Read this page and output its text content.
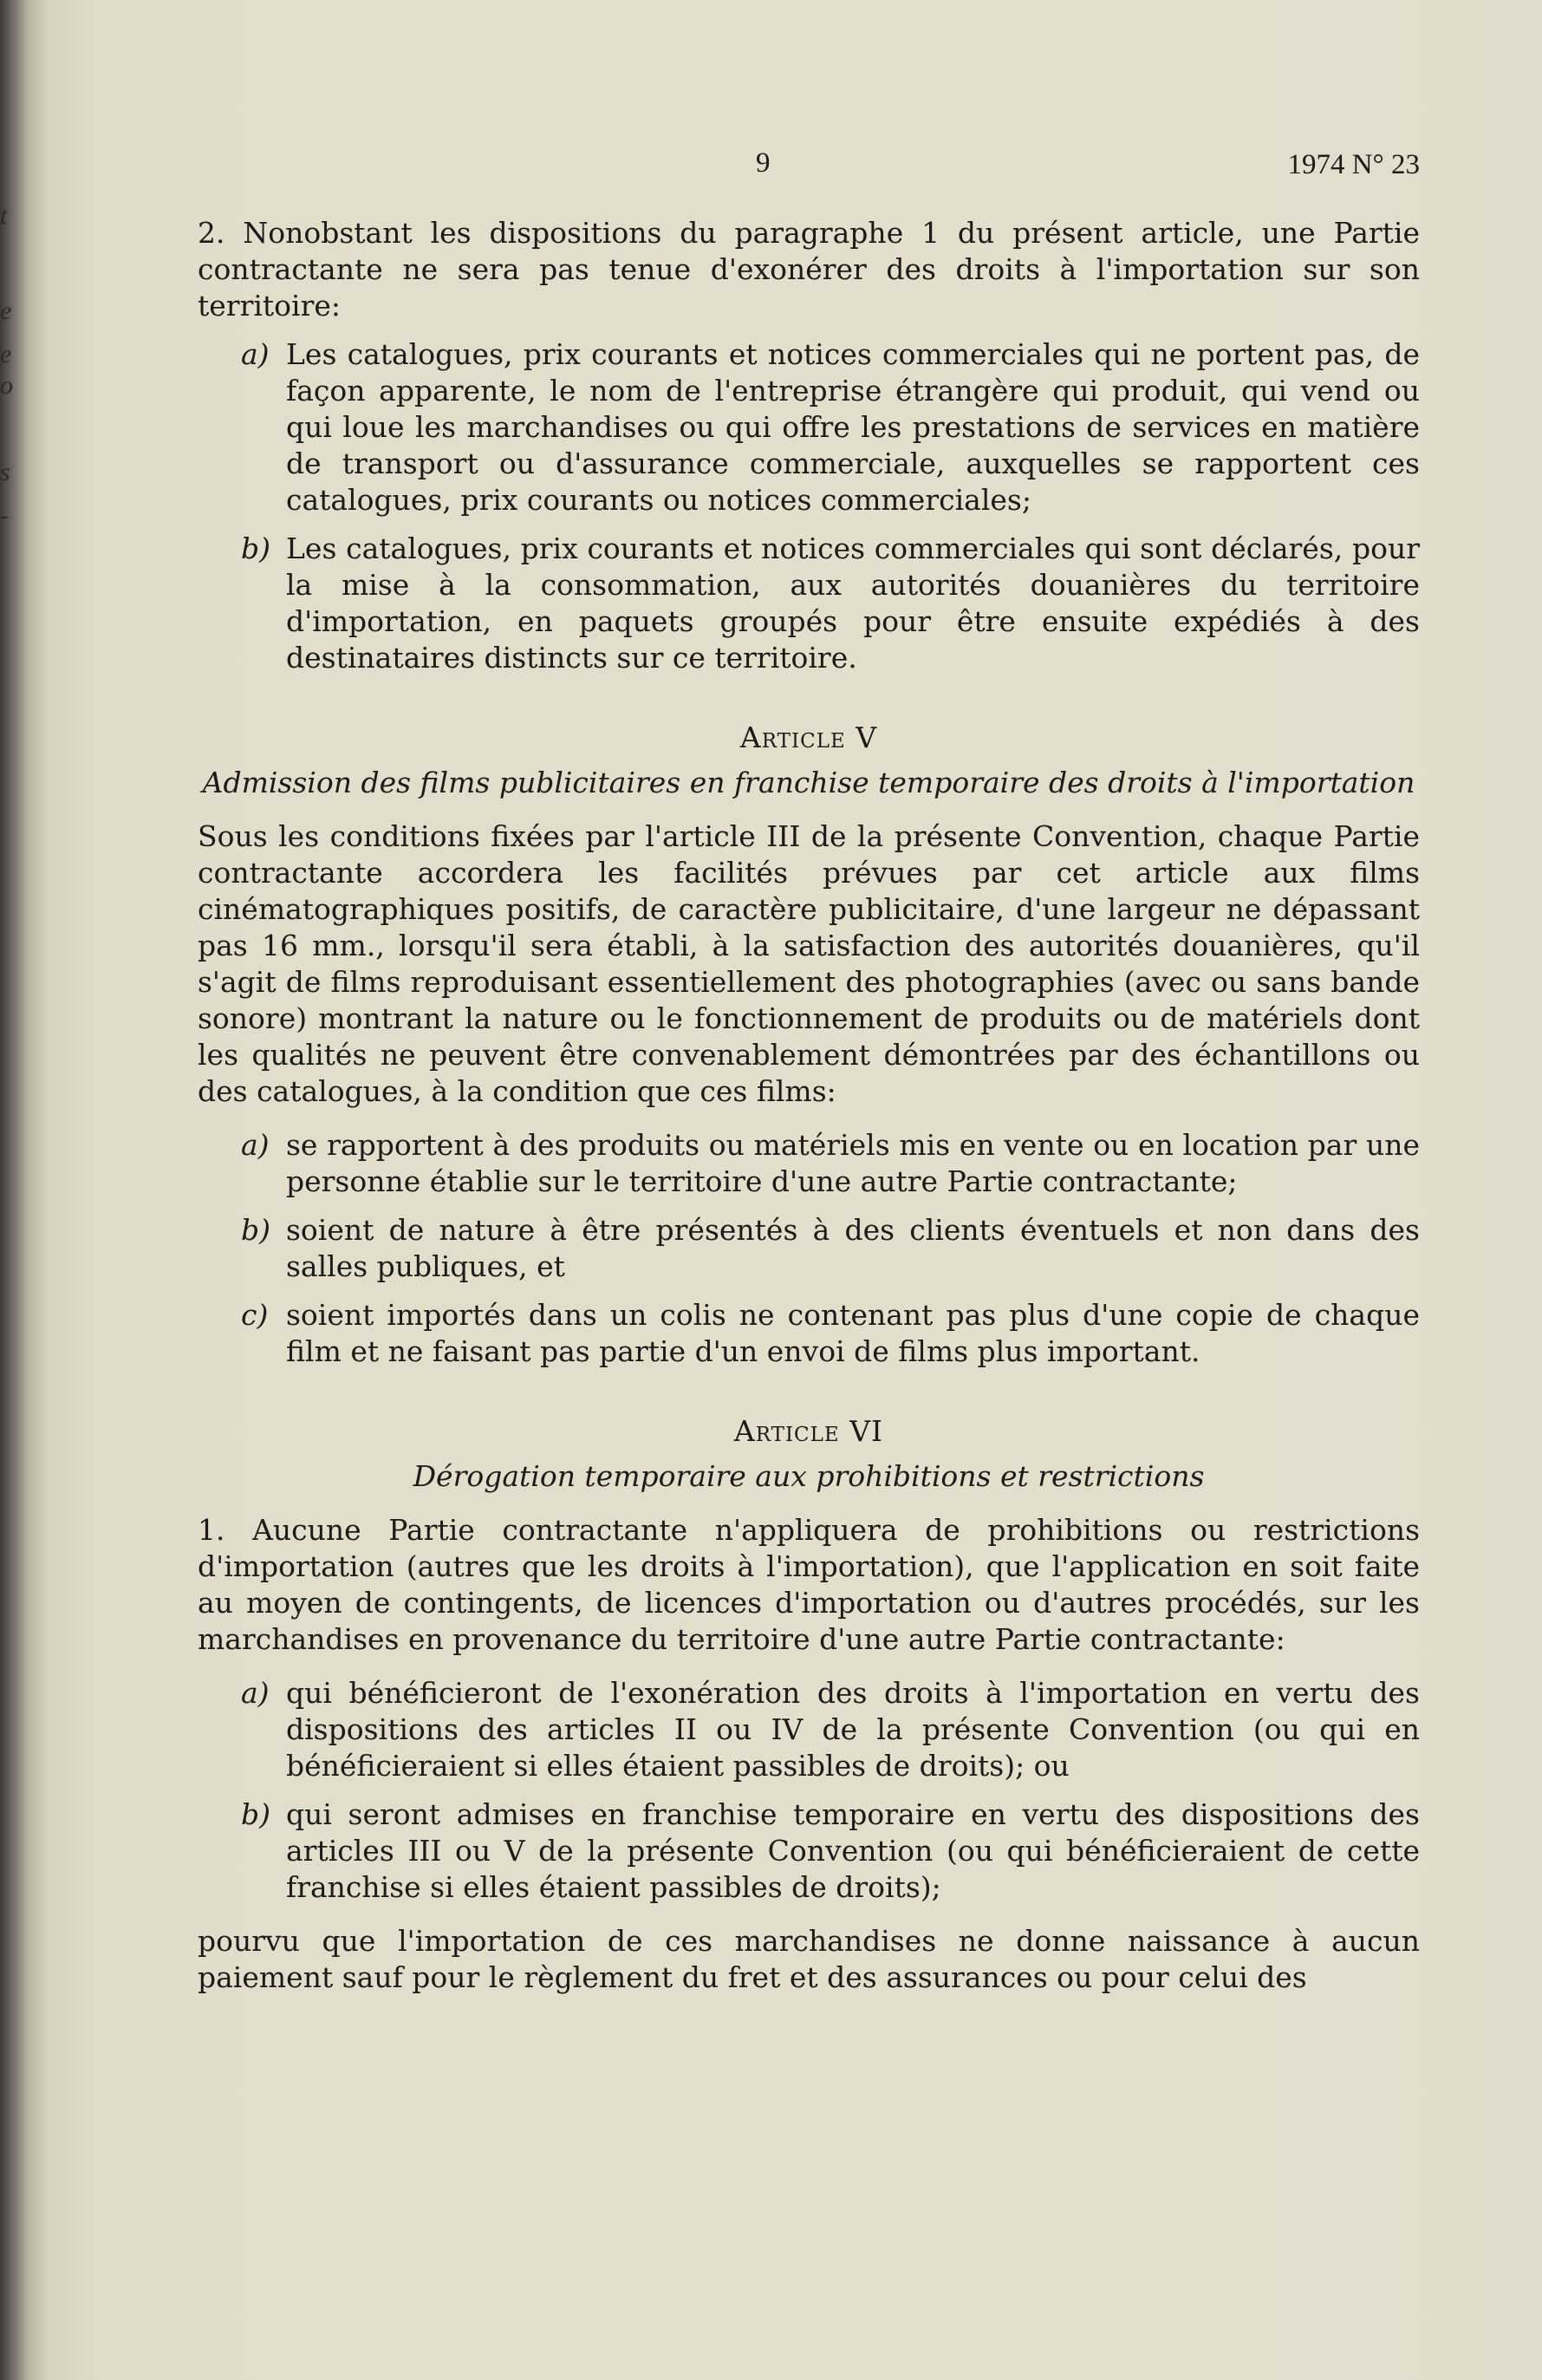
t
e
e
o
s
-
9	1974 N° 23

2. Nonobstant les dispositions du paragraphe 1 du présent article, une Partie contractante ne sera pas tenue d'exonérer des droits à l'importation sur son territoire:

a) Les catalogues, prix courants et notices commerciales qui ne portent pas, de façon apparente, le nom de l'entreprise étrangère qui produit, qui vend ou qui loue les marchandises ou qui offre les prestations de services en matière de transport ou d'assurance commerciale, auxquelles se rapportent ces catalogues, prix courants ou notices commerciales;
b) Les catalogues, prix courants et notices commerciales qui sont déclarés, pour la mise à la consommation, aux autorités douanières du territoire d'importation, en paquets groupés pour être ensuite expédiés à des destinataires distincts sur ce territoire.
Article V
Admission des films publicitaires en franchise temporaire des droits à l'importation

Sous les conditions fixées par l'article III de la présente Convention, chaque Partie contractante accordera les facilités prévues par cet article aux films cinématographiques positifs, de caractère publicitaire, d'une largeur ne dépassant pas 16 mm., lorsqu'il sera établi, à la satisfaction des autorités douanières, qu'il s'agit de films reproduisant essentiellement des photographies (avec ou sans bande sonore) montrant la nature ou le fonctionnement de produits ou de matériels dont les qualités ne peuvent être convenablement démontrées par des échantillons ou des catalogues, à la condition que ces films:

a) se rapportent à des produits ou matériels mis en vente ou en location par une personne établie sur le territoire d'une autre Partie contractante;
b) soient de nature à être présentés à des clients éventuels et non dans des salles publiques, et
c) soient importés dans un colis ne contenant pas plus d'une copie de chaque film et ne faisant pas partie d'un envoi de films plus important.
Article VI
Dérogation temporaire aux prohibitions et restrictions

1. Aucune Partie contractante n'appliquera de prohibitions ou restrictions d'importation (autres que les droits à l'importation), que l'application en soit faite au moyen de contingents, de licences d'importation ou d'autres procédés, sur les marchandises en provenance du territoire d'une autre Partie contractante:

a) qui bénéficieront de l'exonération des droits à l'importation en vertu des dispositions des articles II ou IV de la présente Convention (ou qui en bénéficieraient si elles étaient passibles de droits); ou
b) qui seront admises en franchise temporaire en vertu des dispositions des articles III ou V de la présente Convention (ou qui bénéficieraient de cette franchise si elles étaient passibles de droits);

pourvu que l'importation de ces marchandises ne donne naissance à aucun paiement sauf pour le règlement du fret et des assurances ou pour celui des
